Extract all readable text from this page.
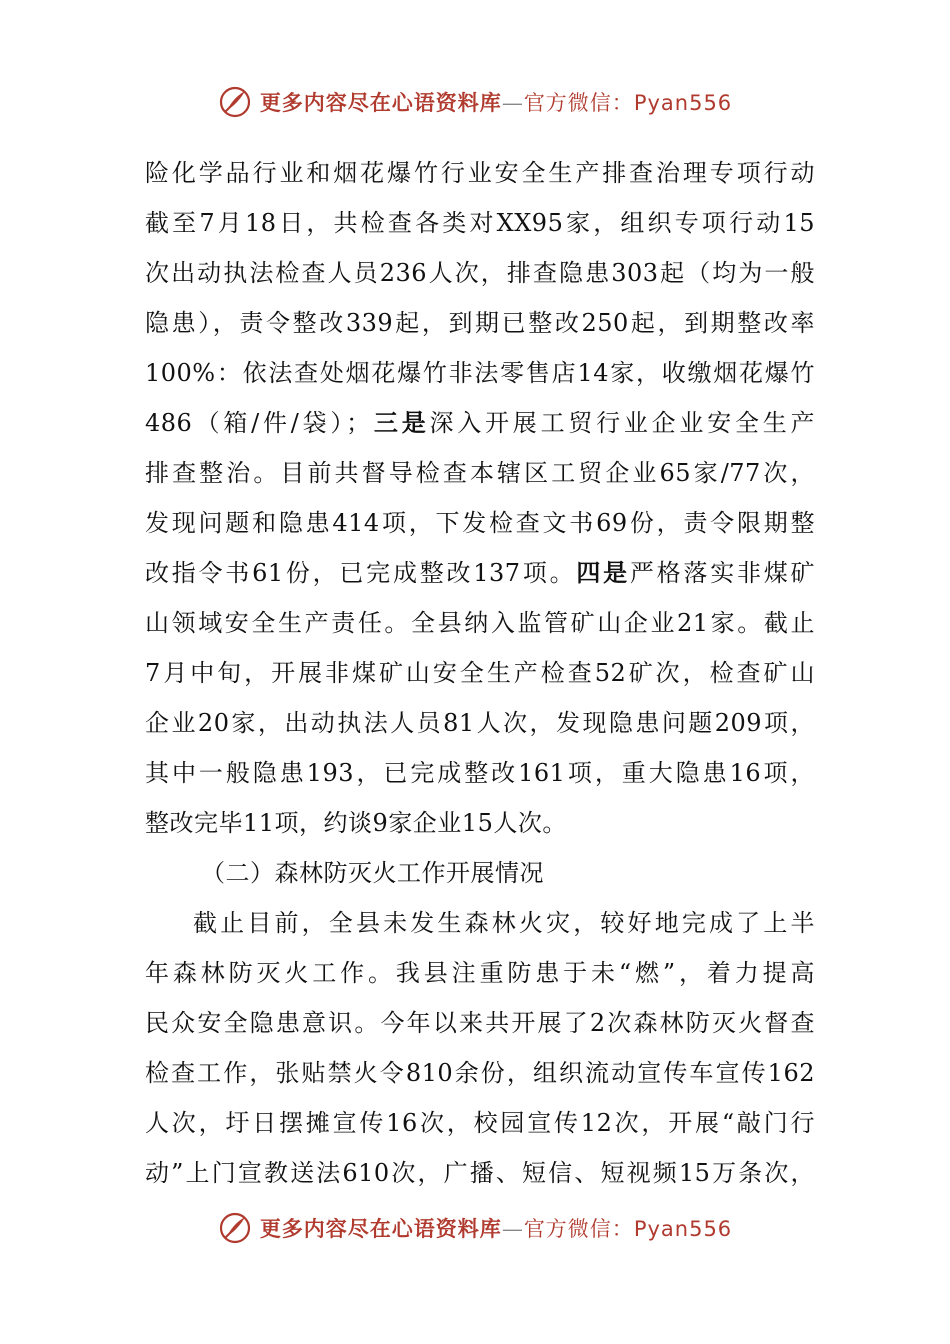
更多内容尽在心语资料库—官方微信：Pyan556
险化学品行业和烟花爆竹行业安全生产排查治理专项行动
截至7月18日，共检查各类对XX95家，组织专项行动15
次出动执法检查人员236人次，排查隐患303起（均为一般
隐患），责令整改339起，到期已整改250起，到期整改率
100%：依法查处烟花爆竹非法零售店14家，收缴烟花爆竹
486（箱/件/袋）；三是深入开展工贸行业企业安全生产
排查整治。目前共督导检查本辖区工贸企业65家/77次，
发现问题和隐患414项，下发检查文书69份，责令限期整
改指令书61份，已完成整改137项。四是严格落实非煤矿
山领域安全生产责任。全县纳入监管矿山企业21家。截止
7月中旬，开展非煤矿山安全生产检查52矿次，检查矿山
企业20家，出动执法人员81人次，发现隐患问题209项，
其中一般隐患193，已完成整改161项，重大隐患16项，
整改完毕11项，约谈9家企业15人次。
（二）森林防灭火工作开展情况
截止目前，全县未发生森林火灾，较好地完成了上半
年森林防灭火工作。我县注重防患于未“燃”，着力提高
民众安全隐患意识。今年以来共开展了2次森林防灭火督查
检查工作，张贴禁火令810余份，组织流动宣传车宣传162
人次，圩日摆摊宣传16次，校园宣传12次，开展“敲门行
动”上门宣教送法610次，广播、短信、短视频15万条次，
更多内容尽在心语资料库—官方微信：Pyan556
